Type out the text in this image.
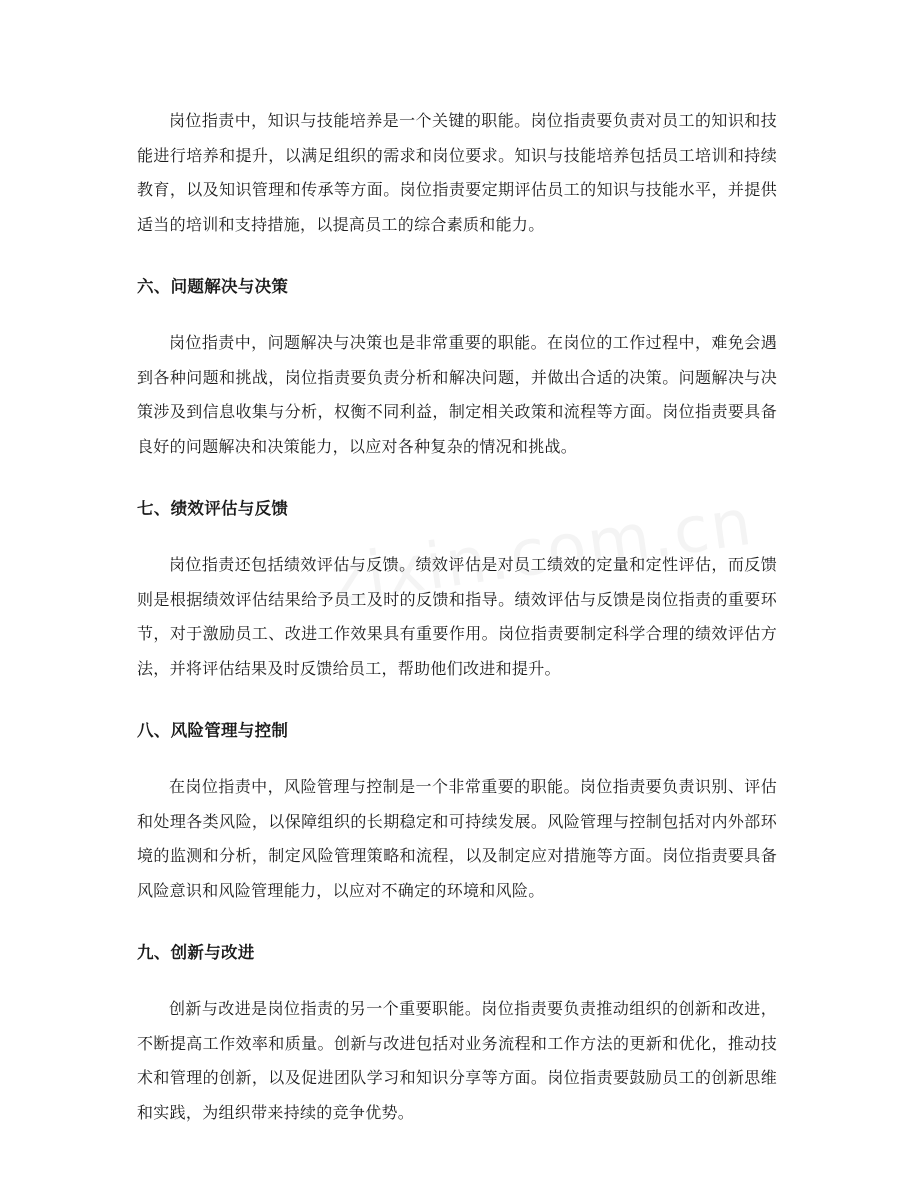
岗位指责中，知识与技能培养是一个关键的职能。岗位指责要负责对员工的知识和技能进行培养和提升，以满足组织的需求和岗位要求。知识与技能培养包括员工培训和持续教育，以及知识管理和传承等方面。岗位指责要定期评估员工的知识与技能水平，并提供适当的培训和支持措施，以提高员工的综合素质和能力。

六、问题解决与决策

岗位指责中，问题解决与决策也是非常重要的职能。在岗位的工作过程中，难免会遇到各种问题和挑战，岗位指责要负责分析和解决问题，并做出合适的决策。问题解决与决策涉及到信息收集与分析，权衡不同利益，制定相关政策和流程等方面。岗位指责要具备良好的问题解决和决策能力，以应对各种复杂的情况和挑战。

七、绩效评估与反馈

岗位指责还包括绩效评估与反馈。绩效评估是对员工绩效的定量和定性评估，而反馈则是根据绩效评估结果给予员工及时的反馈和指导。绩效评估与反馈是岗位指责的重要环节，对于激励员工、改进工作效果具有重要作用。岗位指责要制定科学合理的绩效评估方法，并将评估结果及时反馈给员工，帮助他们改进和提升。

八、风险管理与控制

在岗位指责中，风险管理与控制是一个非常重要的职能。岗位指责要负责识别、评估和处理各类风险，以保障组织的长期稳定和可持续发展。风险管理与控制包括对内外部环境的监测和分析，制定风险管理策略和流程，以及制定应对措施等方面。岗位指责要具备风险意识和风险管理能力，以应对不确定的环境和风险。

九、创新与改进

创新与改进是岗位指责的另一个重要职能。岗位指责要负责推动组织的创新和改进，不断提高工作效率和质量。创新与改进包括对业务流程和工作方法的更新和优化，推动技术和管理的创新，以及促进团队学习和知识分享等方面。岗位指责要鼓励员工的创新思维和实践，为组织带来持续的竞争优势。
